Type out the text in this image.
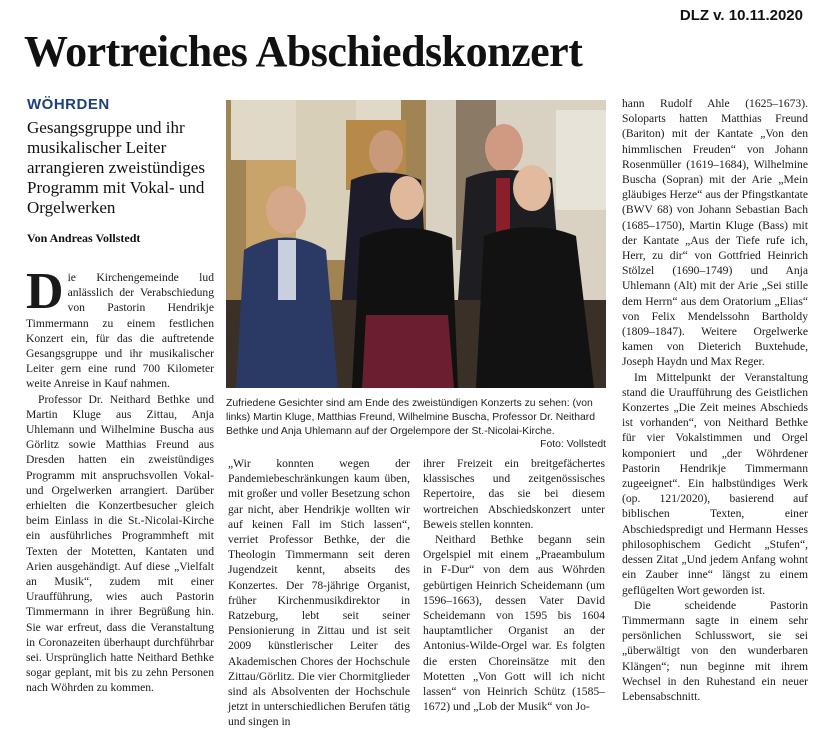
DLZ v. 10.11.2020
Wortreiches Abschiedskonzert
WÖHRDEN
Gesangsgruppe und ihr musikalischer Leiter arrangieren zweistündiges Programm mit Vokal- und Orgelwerken
Von Andreas Vollstedt

Die Kirchengemeinde lud anlässlich der Verabschiedung von Pastorin Hendrikje Timmermann zu einem festlichen Konzert ein, für das die auftretende Gesangsgruppe und ihr musikalischer Leiter gern eine rund 700 Kilometer weite Anreise in Kauf nahmen.

Professor Dr. Neithard Bethke und Martin Kluge aus Zittau, Anja Uhlemann und Wilhelmine Buscha aus Görlitz sowie Matthias Freund aus Dresden hatten ein zweistündiges Programm mit anspruchsvollen Vokal- und Orgelwerken arrangiert. Darüber erhielten die Konzertbesucher gleich beim Einlass in die St.-Nicolai-Kirche ein ausführliches Programmheft mit Texten der Motetten, Kantaten und Arien ausgehändigt. Auf diese „Vielfalt an Musik“, zudem mit einer Uraufführung, wies auch Pastorin Timmermann in ihrer Begrüßung hin. Sie war erfreut, dass die Veranstaltung in Coronazeiten überhaupt durchführbar sei. Ursprünglich hatte Neithard Bethke sogar geplant, mit bis zu zehn Personen nach Wöhrden zu kommen.

Zufriedene Gesichter sind am Ende des zweistündigen Konzerts zu sehen: (von links) Martin Kluge, Matthias Freund, Wilhelmine Buscha, Professor Dr. Neithard Bethke und Anja Uhlemann auf der Orgelempore der St.-Nicolai-Kirche.
Foto: Vollstedt

„Wir konnten wegen der Pandemiebeschränkungen kaum üben, mit großer und voller Besetzung schon gar nicht, aber Hendrikje wollten wir auf keinen Fall im Stich lassen“, verriet Professor Bethke, der die Theologin Timmermann seit deren Jugendzeit kennt, abseits des Konzertes. Der 78-jährige Organist, früher Kirchenmusikdirektor in Ratzeburg, lebt seit seiner Pensionierung in Zittau und ist seit 2009 künstlerischer Leiter des Akademischen Chores der Hochschule Zittau/Görlitz. Die vier Chormitglieder sind als Absolventen der Hochschule jetzt in unterschiedlichen Berufen tätig und singen in

ihrer Freizeit ein breitgefächertes klassisches und zeitgenössisches Repertoire, das sie bei diesem wortreichen Abschiedskonzert unter Beweis stellen konnten.

Neithard Bethke begann sein Orgelspiel mit einem „Praeambulum in F-Dur“ von dem aus Wöhrden gebürtigen Heinrich Scheidemann (um 1596–1663), dessen Vater David Scheidemann von 1595 bis 1604 hauptamtlicher Organist an der Antonius-Wilde-Orgel war. Es folgten die ersten Choreinsätze mit den Motetten „Von Gott will ich nicht lassen“ von Heinrich Schütz (1585–1672) und „Lob der Musik“ von Jo-

hann Rudolf Ahle (1625–1673). Soloparts hatten Matthias Freund (Bariton) mit der Kantate „Von den himmlischen Freuden“ von Johann Rosenmüller (1619–1684), Wilhelmine Buscha (Sopran) mit der Arie „Mein gläubiges Herze“ aus der Pfingstkantate (BWV 68) von Johann Sebastian Bach (1685–1750), Martin Kluge (Bass) mit der Kantate „Aus der Tiefe rufe ich, Herr, zu dir“ von Gottfried Heinrich Stölzel (1690–1749) und Anja Uhlemann (Alt) mit der Arie „Sei stille dem Herrn“ aus dem Oratorium „Elias“ von Felix Mendelssohn Bartholdy (1809–1847). Weitere Orgelwerke kamen von Dieterich Buxtehude, Joseph Haydn und Max Reger.

Im Mittelpunkt der Veranstaltung stand die Uraufführung des Geistlichen Konzertes „Die Zeit meines Abschieds ist vorhanden“, von Neithard Bethke für vier Vokalstimmen und Orgel komponiert und „der Wöhrdener Pastorin Hendrikje Timmermann zugeeignet“. Ein halbstündiges Werk (op. 121/2020), basierend auf biblischen Texten, einer Abschiedspredigt und Hermann Hesses philosophischem Gedicht „Stufen“, dessen Zitat „Und jedem Anfang wohnt ein Zauber inne“ längst zu einem geflügelten Wort geworden ist.

Die scheidende Pastorin Timmermann sagte in einem sehr persönlichen Schlusswort, sie sei „überwältigt von den wunderbaren Klängen“; nun beginne mit ihrem Wechsel in den Ruhestand ein neuer Lebensabschnitt.
